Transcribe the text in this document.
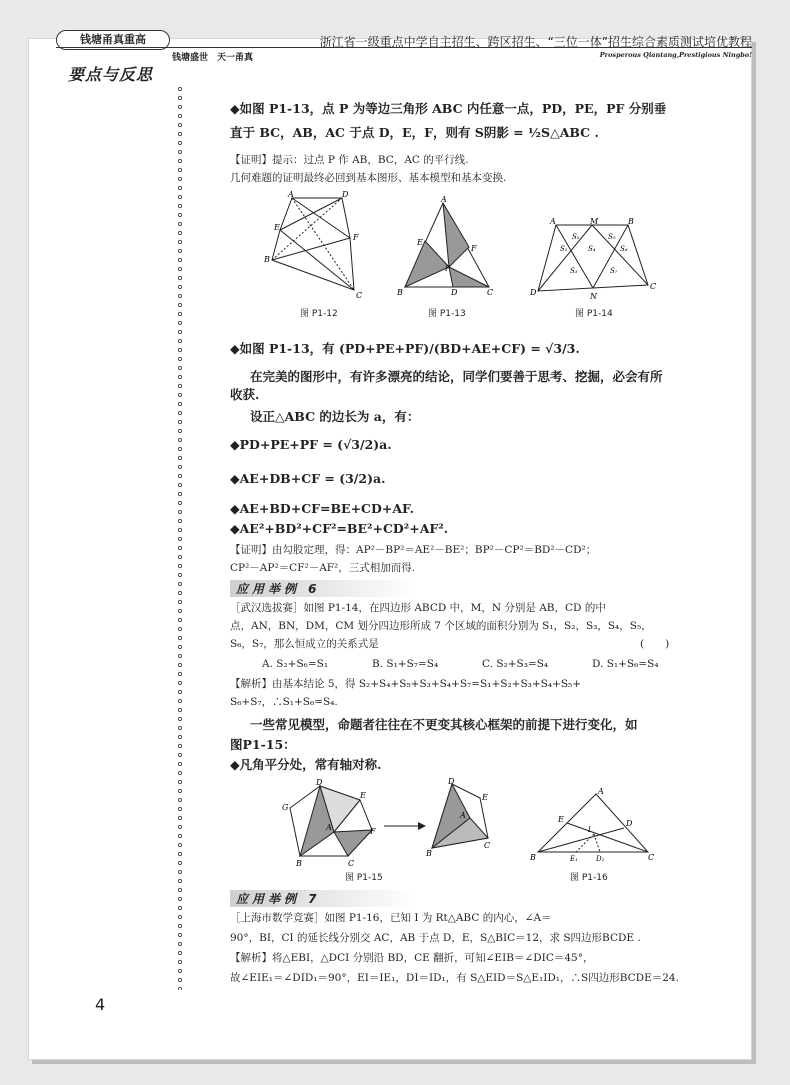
钱塘甬真重高
钱塘盛世　天一甬真
浙江省一级重点中学自主招生、跨区招生、“三位一体”招生综合素质测试培优教程
Prosperous Qiantang,Prestigious Ningbo!
要点与反思
◆如图 P1-13，点 P 为等边三角形 ABC 内任意一点，PD，PE，PF 分别垂
直于 BC，AB，AC 于点 D，E，F，则有 S阴影 = ½S△ABC .
【证明】提示：过点 P 作 AB，BC，AC 的平行线.
几何难题的证明最终必回到基本图形、基本模型和基本变换.
A	D
E
F
B
C
图 P1-12
A
E
F
P
B	D	C
图 P1-13
A	M	B
D	N
C
S₁
S₂
S₄
S₃
S₅
S₆
S₇
图 P1-14
◆如图 P1-13，有 (PD+PE+PF)/(BD+AE+CF) = √3/3.
在完美的图形中，有许多漂亮的结论，同学们要善于思考、挖掘，必会有所
收获.
设正△ABC 的边长为 a，有：
◆PD+PE+PF = (√3/2)a.
◆AE+DB+CF = (3/2)a.
◆AE+BD+CF=BE+CD+AF.
◆AE²+BD²+CF²=BE²+CD²+AF².
【证明】由勾股定理，得：AP²－BP²＝AE²－BE²；BP²－CP²＝BD²－CD²；
CP²－AP²＝CF²－AF²，三式相加而得.
应用举例 6
［武汉选拔赛］如图 P1-14，在四边形 ABCD 中，M，N 分别是 AB，CD 的中
点，AN，BN，DM，CM 划分四边形所成 7 个区域的面积分别为 S₁，S₂，S₃，S₄，S₅，
S₆，S₇，那么恒成立的关系式是	(　　)
A. S₂+S₆=S₁	B. S₁+S₇=S₄	C. S₂+S₃=S₄	D. S₁+S₆=S₄
【解析】由基本结论 5，得 S₂+S₄+S₅+S₃+S₄+S₇=S₁+S₂+S₃+S₄+S₅+
S₆+S₇，∴S₁+S₆=S₄.
一些常见模型，命题者往往在不更变其核心框架的前提下进行变化，如
图P1-15：
◆凡角平分处，常有轴对称.
G
D
E
F
A
B	C
D
E
A
B
C
图 P1-15
A
E	D
I
B	E₁	D₁	C
图 P1-16
应用举例 7
［上海市数学竞赛］如图 P1-16，已知 I 为 Rt△ABC 的内心，∠A＝
90°，BI，CI 的延长线分别交 AC，AB 于点 D，E，S△BIC＝12，求 S四边形BCDE .
【解析】将△EBI，△DCI 分别沿 BD，CE 翻折，可知∠EIB＝∠DIC＝45°，
故∠EIE₁＝∠DID₁＝90°，EI＝IE₁，DI＝ID₁，有 S△EID＝S△E₁ID₁，∴S四边形BCDE＝24.
4
